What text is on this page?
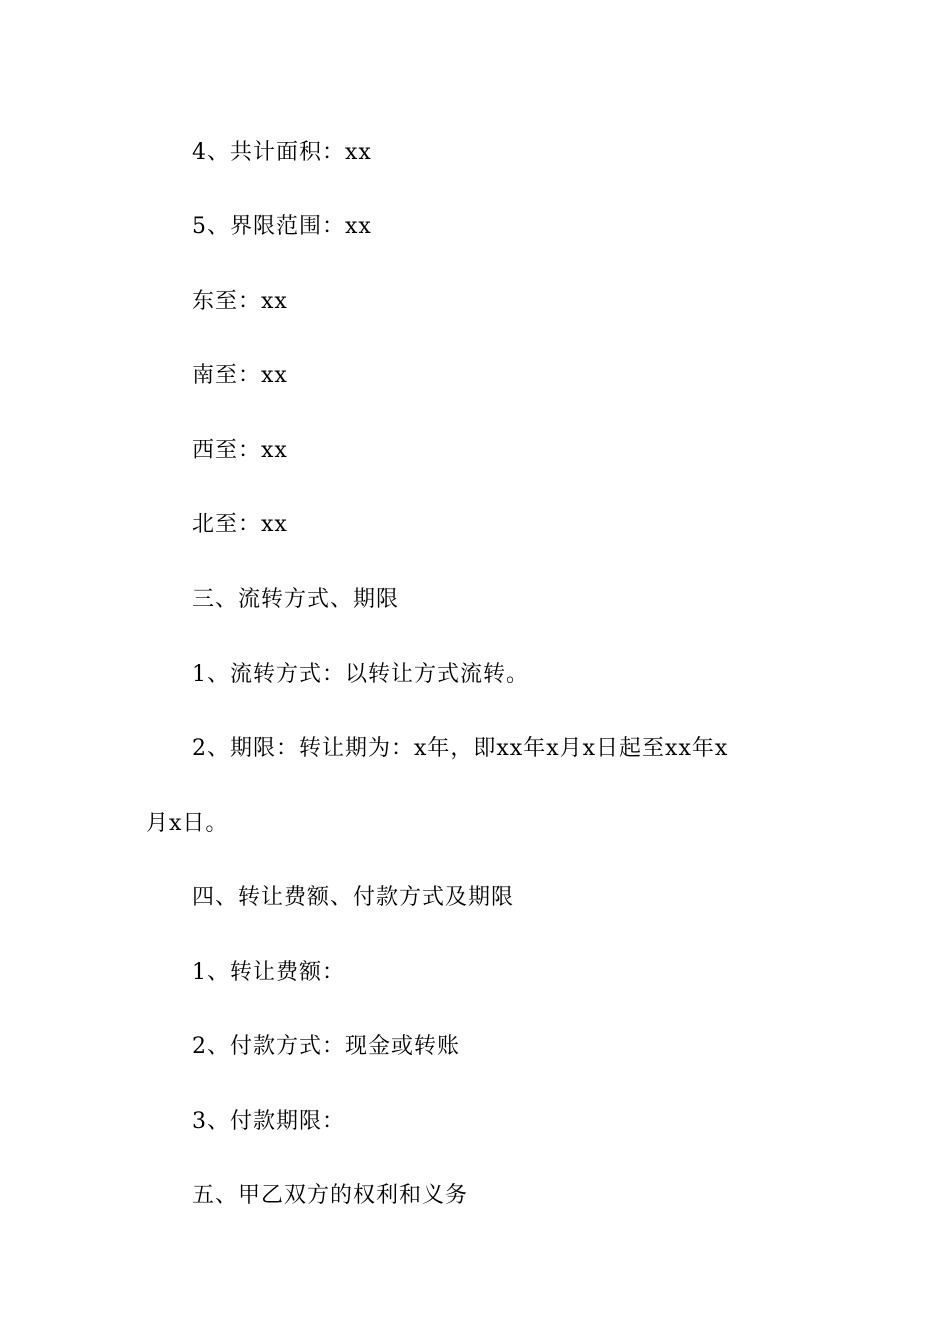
4、共计面积：xx
5、界限范围：xx
东至：xx
南至：xx
西至：xx
北至：xx
三、流转方式、期限
1、流转方式：以转让方式流转。
2、期限：转让期为：x年，即xx年x月x日起至xx年x
月x日。
四、转让费额、付款方式及期限
1、转让费额：
2、付款方式：现金或转账
3、付款期限：
五、甲乙双方的权利和义务
